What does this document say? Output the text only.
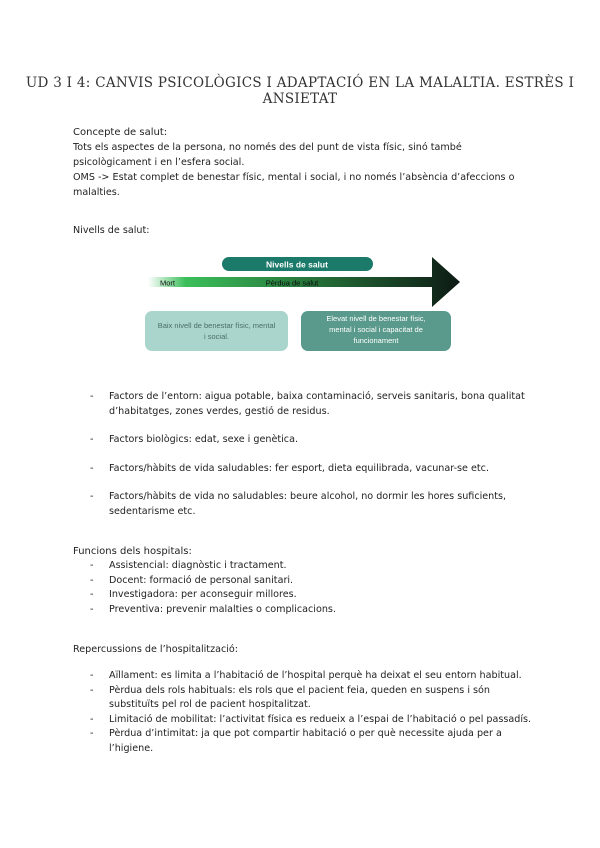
UD 3 I 4: CANVIS PSICOLÒGICS I ADAPTACIÓ EN LA MALALTIA. ESTRÈS I ANSIETAT
Concepte de salut:
Tots els aspectes de la persona, no només des del punt de vista físic, sinó també
psicològicament i en l’esfera social.
OMS -> Estat complet de benestar físic, mental i social, i no només l’absència d’afeccions o
malalties.
Nivells de salut:
Nivells de salut
Mort	Pèrdua de salut
Baix nivell de benestar físic, mental
i social.
Elevat nivell de benestar físic,
mental i social i capacitat de
funcionament
- Factors de l’entorn: aigua potable, baixa contaminació, serveis sanitaris, bona qualitat
d’habitatges, zones verdes, gestió de residus.
- Factors biològics: edat, sexe i genètica.
- Factors/hàbits de vida saludables: fer esport, dieta equilibrada, vacunar-se etc.
- Factors/hàbits de vida no saludables: beure alcohol, no dormir les hores suficients,
sedentarisme etc.
Funcions dels hospitals:
- Assistencial: diagnòstic i tractament.
- Docent: formació de personal sanitari.
- Investigadora: per aconseguir millores.
- Preventiva: prevenir malalties o complicacions.
Repercussions de l’hospitalització:
- Aïllament: es limita a l’habitació de l’hospital perquè ha deixat el seu entorn habitual.
- Pèrdua dels rols habituals: els rols que el pacient feia, queden en suspens i són
substituïts pel rol de pacient hospitalitzat.
- Limitació de mobilitat: l’activitat física es redueix a l’espai de l’habitació o pel passadís.
- Pèrdua d’intimitat: ja que pot compartir habitació o per què necessite ajuda per a
l’higiene.
